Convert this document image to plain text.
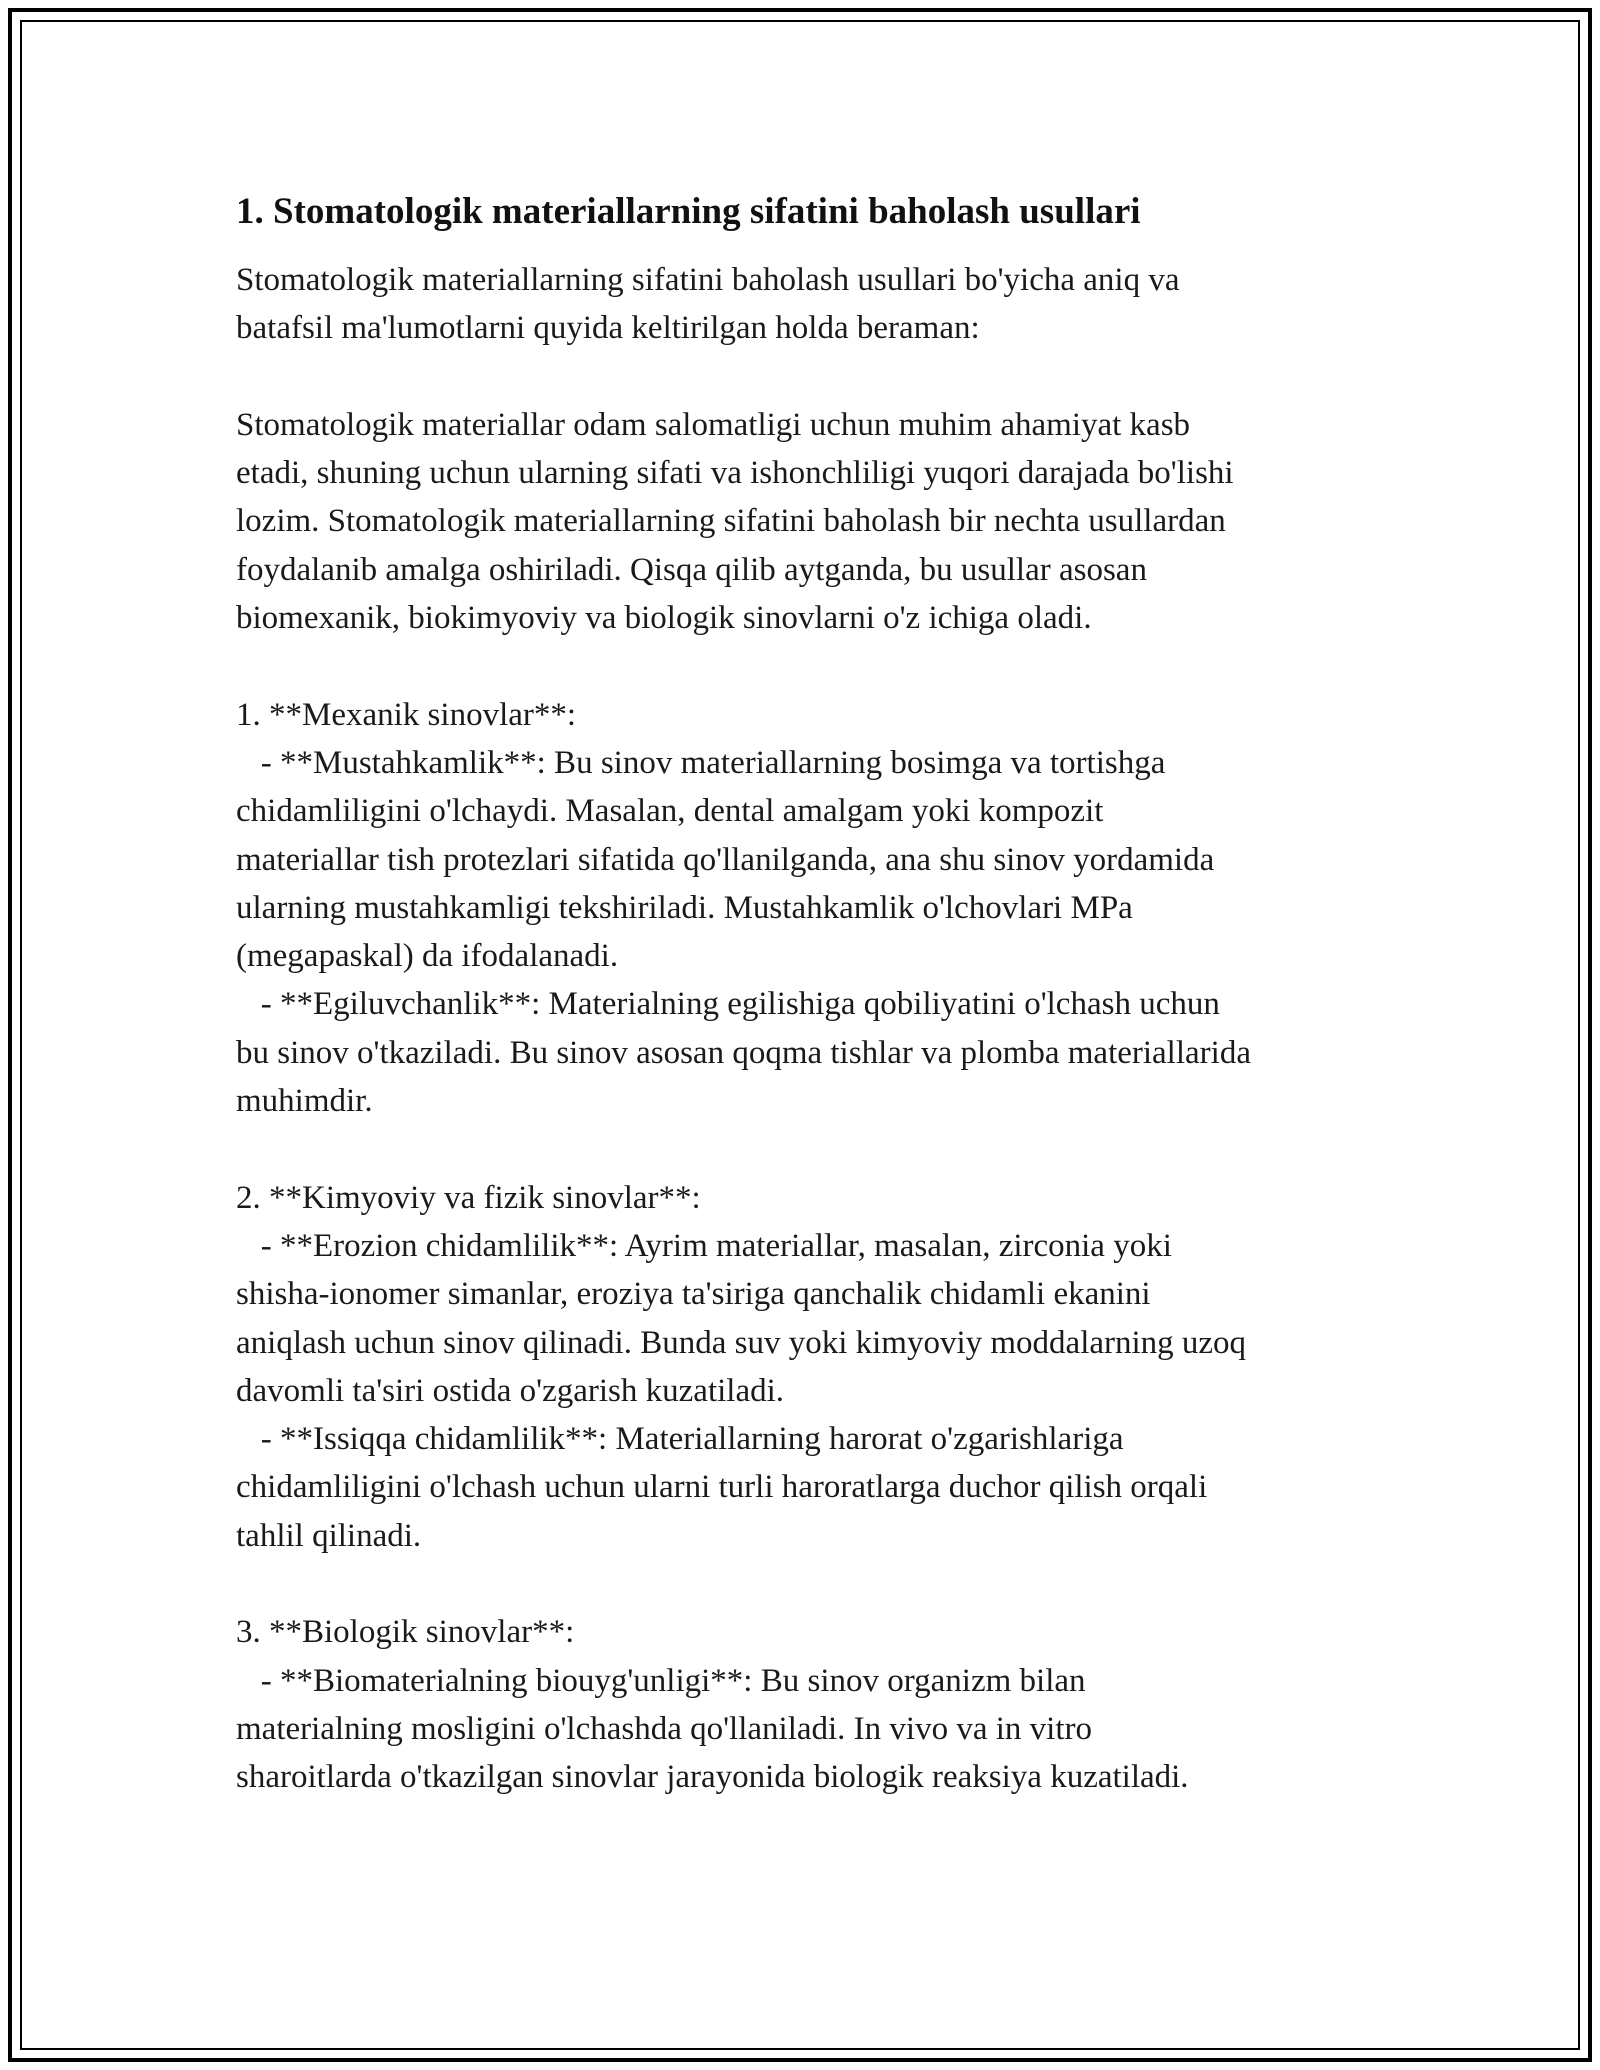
1. Stomatologik materiallarning sifatini baholash usullari

Stomatologik materiallarning sifatini baholash usullari bo'yicha aniq va
batafsil ma'lumotlarni quyida keltirilgan holda beraman:

Stomatologik materiallar odam salomatligi uchun muhim ahamiyat kasb
etadi, shuning uchun ularning sifati va ishonchliligi yuqori darajada bo'lishi
lozim. Stomatologik materiallarning sifatini baholash bir nechta usullardan
foydalanib amalga oshiriladi. Qisqa qilib aytganda, bu usullar asosan
biomexanik, biokimyoviy va biologik sinovlarni o'z ichiga oladi.

1. **Mexanik sinovlar**:
- **Mustahkamlik**: Bu sinov materiallarning bosimga va tortishga
chidamliligini o'lchaydi. Masalan, dental amalgam yoki kompozit
materiallar tish protezlari sifatida qo'llanilganda, ana shu sinov yordamida
ularning mustahkamligi tekshiriladi. Mustahkamlik o'lchovlari MPa
(megapaskal) da ifodalanadi.
- **Egiluvchanlik**: Materialning egilishiga qobiliyatini o'lchash uchun
bu sinov o'tkaziladi. Bu sinov asosan qoqma tishlar va plomba materiallarida
muhimdir.

2. **Kimyoviy va fizik sinovlar**:
- **Erozion chidamlilik**: Ayrim materiallar, masalan, zirconia yoki
shisha-ionomer simanlar, eroziya ta'siriga qanchalik chidamli ekanini
aniqlash uchun sinov qilinadi. Bunda suv yoki kimyoviy moddalarning uzoq
davomli ta'siri ostida o'zgarish kuzatiladi.
- **Issiqqa chidamlilik**: Materiallarning harorat o'zgarishlariga
chidamliligini o'lchash uchun ularni turli haroratlarga duchor qilish orqali
tahlil qilinadi.

3. **Biologik sinovlar**:
- **Biomaterialning biouyg'unligi**: Bu sinov organizm bilan
materialning mosligini o'lchashda qo'llaniladi. In vivo va in vitro
sharoitlarda o'tkazilgan sinovlar jarayonida biologik reaksiya kuzatiladi.
